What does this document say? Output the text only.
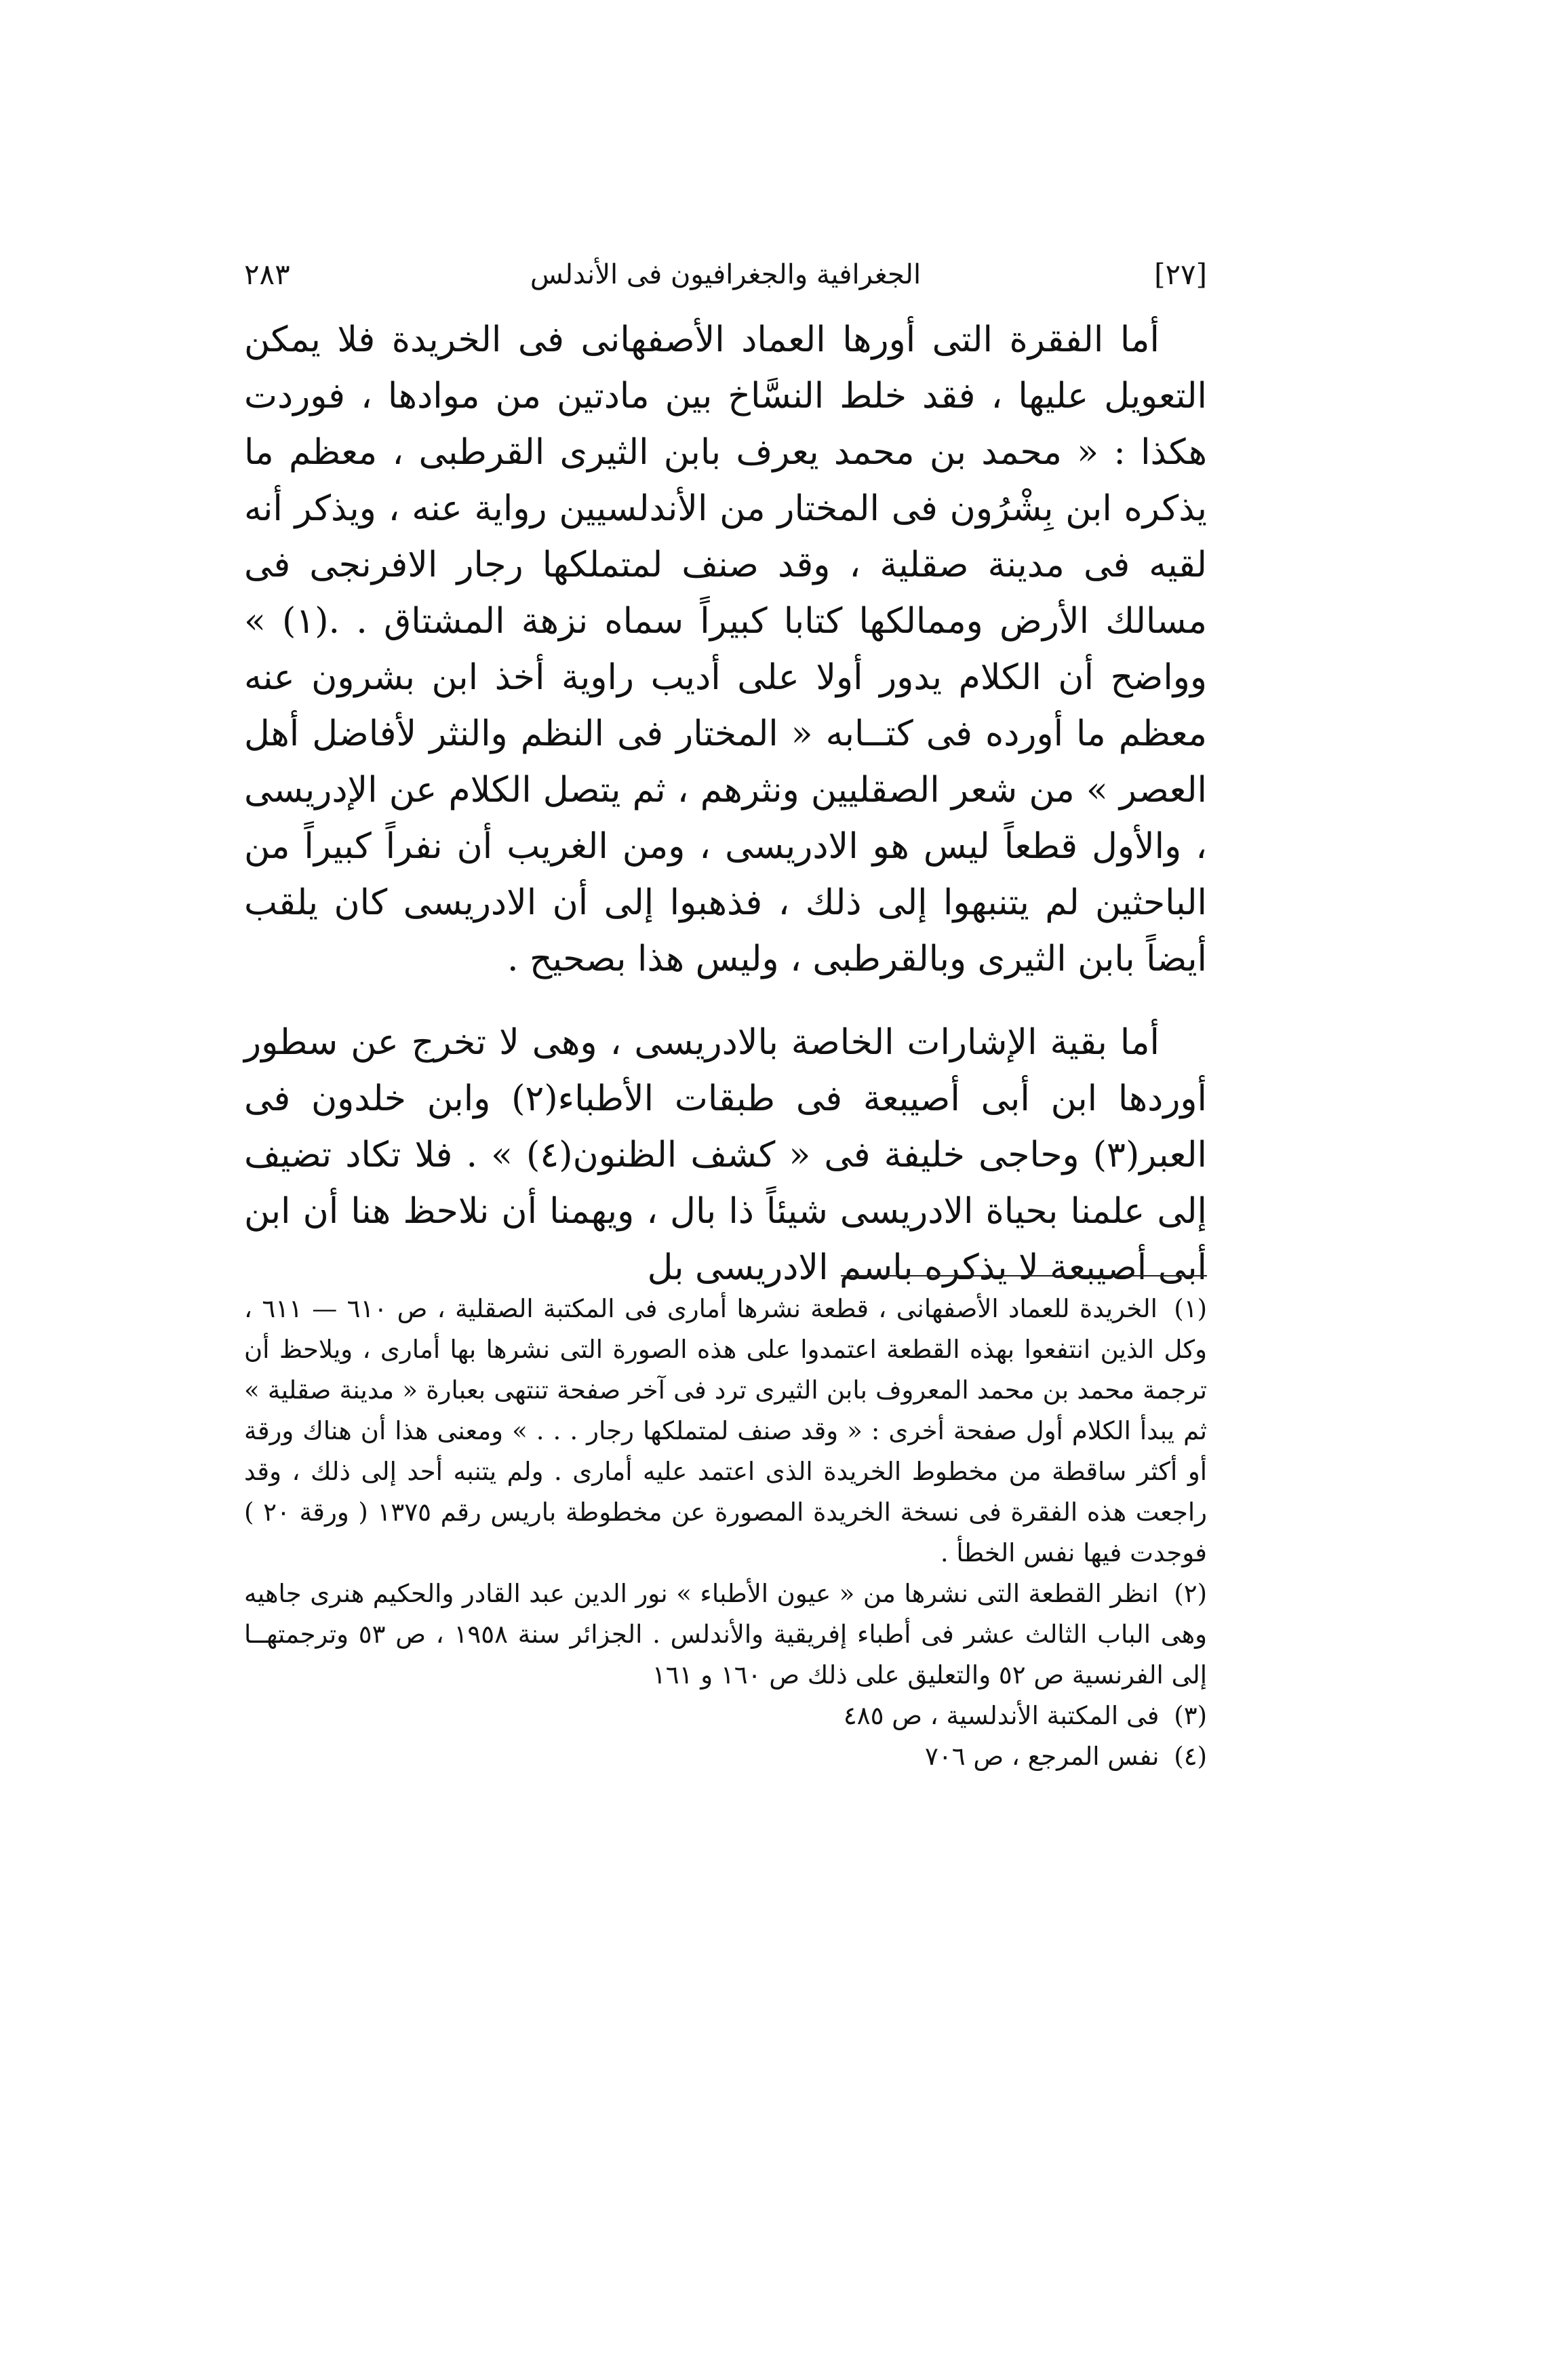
[٢٧]
الجغرافية والجغرافيون فى الأندلس
٢٨٣

أما الفقرة التى أورها العماد الأصفهانى فى الخريدة فلا يمكن التعويل عليها ، فقد خلط النسَّاخ بين مادتين من موادها ، فوردت هكذا : « محمد بن محمد يعرف بابن الثيرى القرطبى ، معظم ما يذكره ابن بِشْرُون فى المختار من الأندلسيين رواية عنه ، ويذكر أنه لقيه فى مدينة صقلية ، وقد صنف لمتملكها رجار الافرنجى فى مسالك الأرض وممالكها كتابا كبيراً سماه نزهة المشتاق . .(١) » وواضح أن الكلام يدور أولا على أديب راوية أخذ ابن بشرون عنه معظم ما أورده فى كتــابه « المختار فى النظم والنثر لأفاضل أهل العصر » من شعر الصقليين ونثرهم ، ثم يتصل الكلام عن الإدريسى ، والأول قطعاً ليس هو الادريسى ، ومن الغريب أن نفراً كبيراً من الباحثين لم يتنبهوا إلى ذلك ، فذهبوا إلى أن الادريسى كان يلقب أيضاً بابن الثيرى وبالقرطبى ، وليس هذا بصحيح .

أما بقية الإشارات الخاصة بالادريسى ، وهى لا تخرج عن سطور أوردها ابن أبى أصيبعة فى طبقات الأطباء(٢) وابن خلدون فى العبر(٣) وحاجى خليفة فى « كشف الظنون(٤) » . فلا تكاد تضيف إلى علمنا بحياة الادريسى شيئاً ذا بال ، ويهمنا أن نلاحظ هنا أن ابن أبى أصيبعة لا يذكره باسم الادريسى بل

(١) الخريدة للعماد الأصفهانى ، قطعة نشرها أمارى فى المكتبة الصقلية ، ص ٦١٠ — ٦١١ ، وكل الذين انتفعوا بهذه القطعة اعتمدوا على هذه الصورة التى نشرها بها أمارى ، ويلاحظ أن ترجمة محمد بن محمد المعروف بابن الثيرى ترد فى آخر صفحة تنتهى بعبارة « مدينة صقلية » ثم يبدأ الكلام أول صفحة أخرى : « وقد صنف لمتملكها رجار . . . » ومعنى هذا أن هناك ورقة أو أكثر ساقطة من مخطوط الخريدة الذى اعتمد عليه أمارى . ولم يتنبه أحد إلى ذلك ، وقد راجعت هذه الفقرة فى نسخة الخريدة المصورة عن مخطوطة باريس رقم ١٣٧٥ ( ورقة ٢٠ ) فوجدت فيها نفس الخطأ .

(٢) انظر القطعة التى نشرها من « عيون الأطباء » نور الدين عبد القادر والحكيم هنرى جاهيه وهى الباب الثالث عشر فى أطباء إفريقية والأندلس . الجزائر سنة ١٩٥٨ ، ص ٥٣ وترجمتهــا إلى الفرنسية ص ٥٢ والتعليق على ذلك ص ١٦٠ و ١٦١

(٣) فى المكتبة الأندلسية ، ص ٤٨٥

(٤) نفس المرجع ، ص ٧٠٦
